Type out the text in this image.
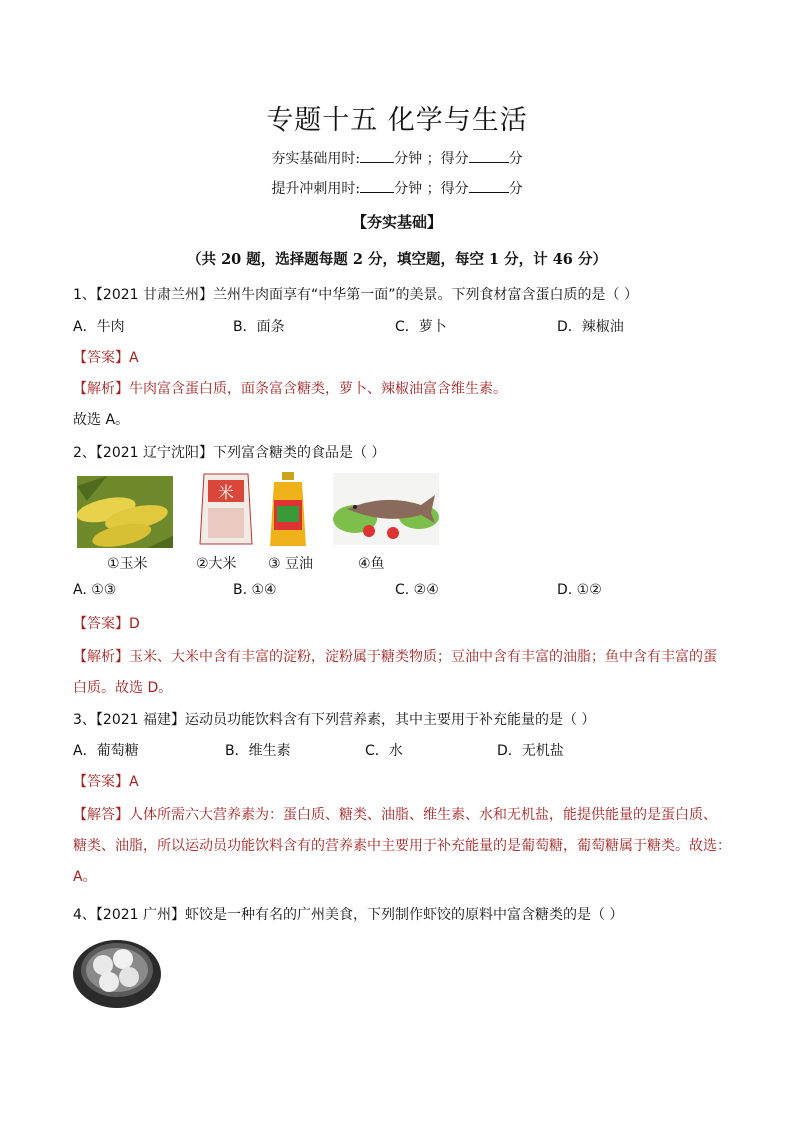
专题十五 化学与生活
夯实基础用时: 分钟 ；得分	分
提升冲刺用时: 分钟 ；得分	分
【夯实基础】
（共 20 题，选择题每题 2 分，填空题，每空 1 分，计 46 分）
1、【2021 甘肃兰州】兰州牛肉面享有“中华第一面”的美景。下列食材富含蛋白质的是（ ）
A．牛肉	B．面条	C．萝卜	D．辣椒油
【答案】A
【解析】牛肉富含蛋白质，面条富含糖类，萝卜、辣椒油富含维生素。
故选 A。
2、【2021 辽宁沈阳】下列富含糖类的食品是（ ）
米
①玉米	②大米 ③ 豆油	④鱼
A. ①③	B. ①④	C. ②④	D. ①②
【答案】D
【解析】玉米、大米中含有丰富的淀粉，淀粉属于糖类物质；豆油中含有丰富的油脂；鱼中含有丰富的蛋
白质。故选 D。
3、【2021 福建】运动员功能饮料含有下列营养素，其中主要用于补充能量的是（ ）
A．葡萄糖	B．维生素	C．水	D．无机盐
【答案】A
【解答】人体所需六大营养素为：蛋白质、糖类、油脂、维生素、水和无机盐，能提供能量的是蛋白质、
糖类、油脂，所以运动员功能饮料含有的营养素中主要用于补充能量的是葡萄糖，葡萄糖属于糖类。故选：
A。
4、【2021 广州】虾饺是一种有名的广州美食，下列制作虾饺的原料中富含糖类的是（ ）
